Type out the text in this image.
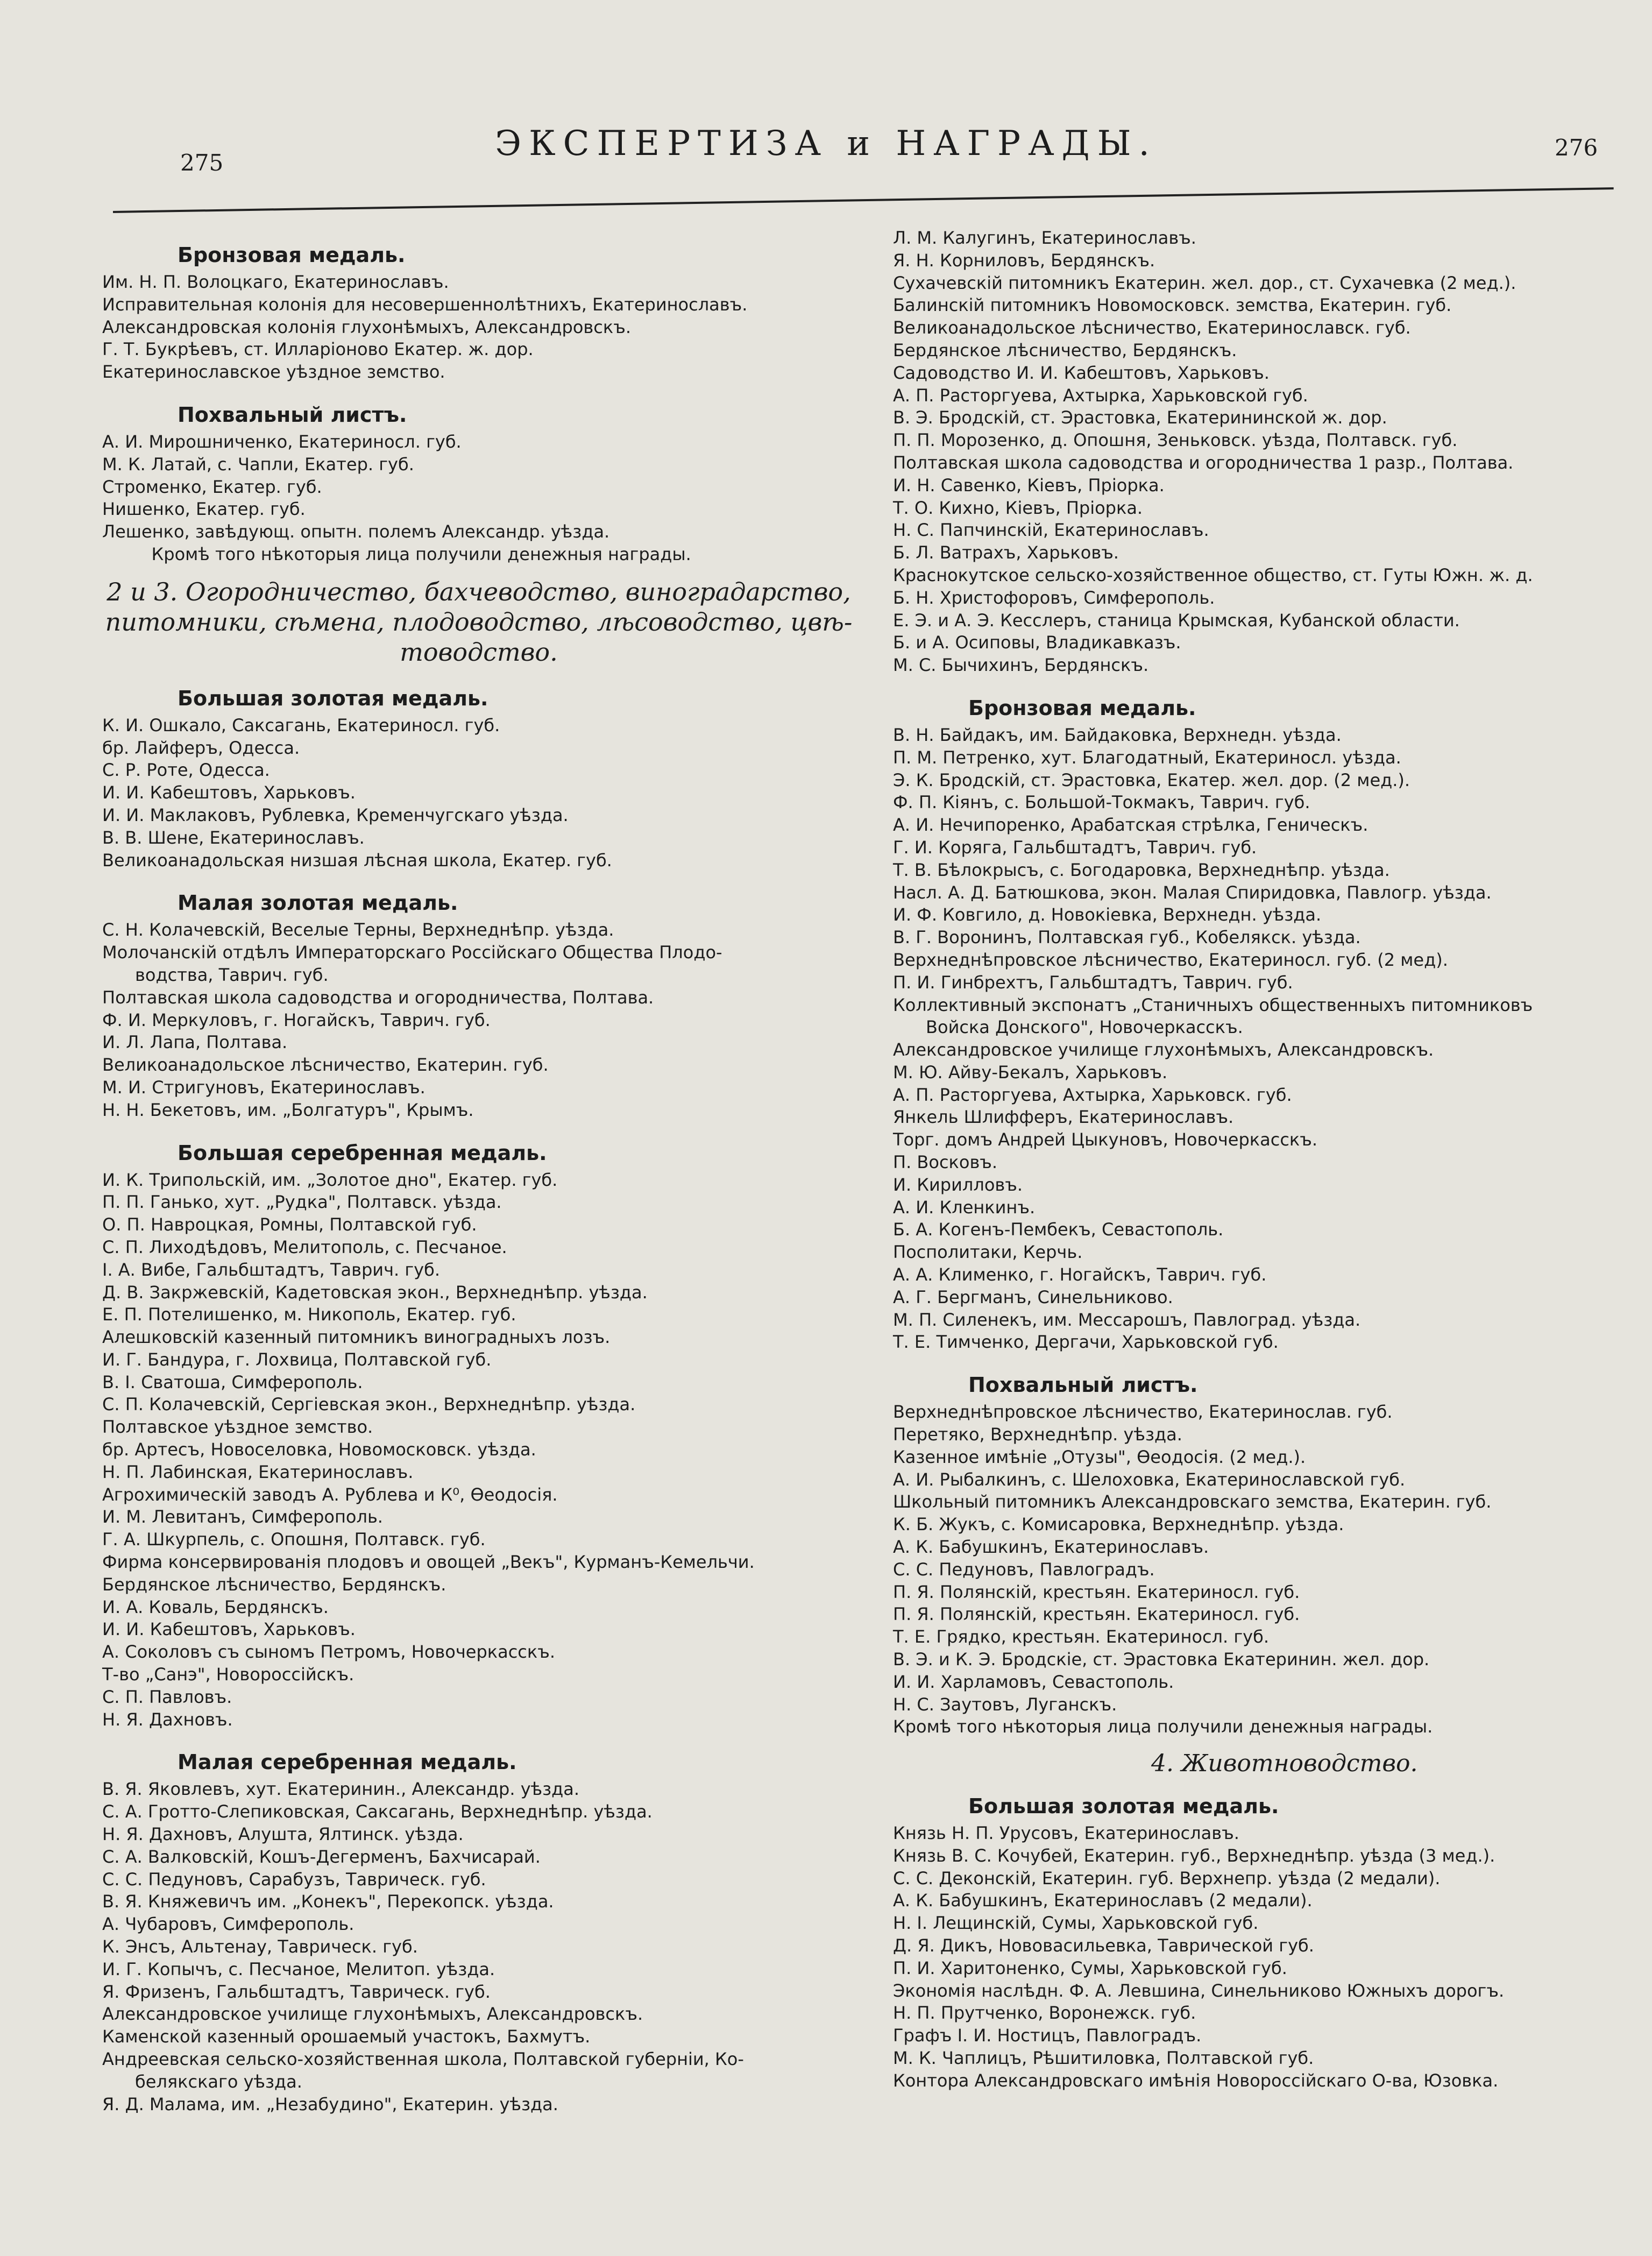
275	ЭКСПЕРТИЗА и НАГРАДЫ.	276
Бронзовая медаль.
Им. Н. П. Волоцкаго, Екатеринославъ.
Исправительная колонія для несовершеннолѣтнихъ, Екатеринославъ.
Александровская колонія глухонѣмыхъ, Александровскъ.
Г. Т. Букрѣевъ, ст. Илларіоново Екатер. ж. дор.
Екатеринославское уѣздное земство.
Похвальный листъ.
А. И. Мирошниченко, Екатериносл. губ.
М. К. Латай, с. Чапли, Екатер. губ.
Строменко, Екатер. губ.
Нишенко, Екатер. губ.
Лешенко, завѣдующ. опытн. полемъ Александр. уѣзда.
Кромѣ того нѣкоторыя лица получили денежныя награды.
2 и 3. Огородничество, бахчеводство, виноградарство,
питомники, сѣмена, плодоводство, лѣсоводство, цвѣ-
товодство.
Большая золотая медаль.
К. И. Ошкало, Саксагань, Екатериносл. губ.
бр. Лайферъ, Одесса.
С. Р. Роте, Одесса.
И. И. Кабештовъ, Харьковъ.
И. И. Маклаковъ, Рублевка, Кременчугскаго уѣзда.
В. В. Шене, Екатеринославъ.
Великоанадольская низшая лѣсная школа, Екатер. губ.
Малая золотая медаль.
С. Н. Колачевскій, Веселые Терны, Верхнеднѣпр. уѣзда.
Молочанскій отдѣлъ Императорскаго Россійскаго Общества Плодо-
водства, Таврич. губ.
Полтавская школа садоводства и огородничества, Полтава.
Ф. И. Меркуловъ, г. Ногайскъ, Таврич. губ.
И. Л. Лапа, Полтава.
Великоанадольское лѣсничество, Екатерин. губ.
М. И. Стригуновъ, Екатеринославъ.
Н. Н. Бекетовъ, им. „Болгатуръ", Крымъ.
Большая серебренная медаль.
И. К. Трипольскій, им. „Золотое дно", Екатер. губ.
П. П. Ганько, хут. „Рудка", Полтавск. уѣзда.
О. П. Навроцкая, Ромны, Полтавской губ.
С. П. Лиходѣдовъ, Мелитополь, с. Песчаное.
І. А. Вибе, Гальбштадтъ, Таврич. губ.
Д. В. Закржевскій, Кадетовская экон., Верхнеднѣпр. уѣзда.
Е. П. Потелишенко, м. Никополь, Екатер. губ.
Алешковскій казенный питомникъ виноградныхъ лозъ.
И. Г. Бандура, г. Лохвица, Полтавской губ.
В. І. Сватоша, Симферополь.
С. П. Колачевскій, Сергіевская экон., Верхнеднѣпр. уѣзда.
Полтавское уѣздное земство.
бр. Артесъ, Новоселовка, Новомосковск. уѣзда.
Н. П. Лабинская, Екатеринославъ.
Агрохимическій заводъ А. Рублева и К⁰, Ѳеодосія.
И. М. Левитанъ, Симферополь.
Г. А. Шкурпель, с. Опошня, Полтавск. губ.
Фирма консервированія плодовъ и овощей „Векъ", Курманъ-Кемельчи.
Бердянское лѣсничество, Бердянскъ.
И. А. Коваль, Бердянскъ.
И. И. Кабештовъ, Харьковъ.
А. Соколовъ съ сыномъ Петромъ, Новочеркасскъ.
Т-во „Санэ", Новороссійскъ.
С. П. Павловъ.
Н. Я. Дахновъ.
Малая серебренная медаль.
В. Я. Яковлевъ, хут. Екатеринин., Александр. уѣзда.
С. А. Гротто-Слепиковская, Саксагань, Верхнеднѣпр. уѣзда.
Н. Я. Дахновъ, Алушта, Ялтинск. уѣзда.
С. А. Валковскій, Кошъ-Дегерменъ, Бахчисарай.
С. С. Педуновъ, Сарабузъ, Таврическ. губ.
В. Я. Княжевичъ им. „Конекъ", Перекопск. уѣзда.
А. Чубаровъ, Симферополь.
К. Энсъ, Альтенау, Таврическ. губ.
И. Г. Копычъ, с. Песчаное, Мелитоп. уѣзда.
Я. Фризенъ, Гальбштадтъ, Таврическ. губ.
Александровское училище глухонѣмыхъ, Александровскъ.
Каменской казенный орошаемый участокъ, Бахмутъ.
Андреевская сельско-хозяйственная школа, Полтавской губерніи, Ко-
белякскаго уѣзда.
Я. Д. Малама, им. „Незабудино", Екатерин. уѣзда.
Л. М. Калугинъ, Екатеринославъ.
Я. Н. Корниловъ, Бердянскъ.
Сухачевскій питомникъ Екатерин. жел. дор., ст. Сухачевка (2 мед.).
Балинскій питомникъ Новомосковск. земства, Екатерин. губ.
Великоанадольское лѣсничество, Екатеринославск. губ.
Бердянское лѣсничество, Бердянскъ.
Садоводство И. И. Кабештовъ, Харьковъ.
А. П. Расторгуева, Ахтырка, Харьковской губ.
В. Э. Бродскій, ст. Эрастовка, Екатерининской ж. дор.
П. П. Морозенко, д. Опошня, Зеньковск. уѣзда, Полтавск. губ.
Полтавская школа садоводства и огородничества 1 разр., Полтава.
И. Н. Савенко, Кіевъ, Пріорка.
Т. О. Кихно, Кіевъ, Пріорка.
Н. С. Папчинскій, Екатеринославъ.
Б. Л. Ватрахъ, Харьковъ.
Краснокутское сельско-хозяйственное общество, ст. Гуты Южн. ж. д.
Б. Н. Христофоровъ, Симферополь.
Е. Э. и А. Э. Кесслеръ, станица Крымская, Кубанской области.
Б. и А. Осиповы, Владикавказъ.
М. С. Бычихинъ, Бердянскъ.
Бронзовая медаль.
В. Н. Байдакъ, им. Байдаковка, Верхнедн. уѣзда.
П. М. Петренко, хут. Благодатный, Екатериносл. уѣзда.
Э. К. Бродскій, ст. Эрастовка, Екатер. жел. дор. (2 мед.).
Ф. П. Кіянъ, с. Большой-Токмакъ, Таврич. губ.
А. И. Нечипоренко, Арабатская стрѣлка, Геническъ.
Г. И. Коряга, Гальбштадтъ, Таврич. губ.
Т. В. Бѣлокрысъ, с. Богодаровка, Верхнеднѣпр. уѣзда.
Насл. А. Д. Батюшкова, экон. Малая Спиридовка, Павлогр. уѣзда.
И. Ф. Ковгило, д. Новокіевка, Верхнедн. уѣзда.
В. Г. Воронинъ, Полтавская губ., Кобелякск. уѣзда.
Верхнеднѣпровское лѣсничество, Екатериносл. губ. (2 мед).
П. И. Гинбрехтъ, Гальбштадтъ, Таврич. губ.
Коллективный экспонатъ „Станичныхъ общественныхъ питомниковъ
Войска Донского", Новочеркасскъ.
Александровское училище глухонѣмыхъ, Александровскъ.
М. Ю. Айву-Бекалъ, Харьковъ.
А. П. Расторгуева, Ахтырка, Харьковск. губ.
Янкель Шлифферъ, Екатеринославъ.
Торг. домъ Андрей Цыкуновъ, Новочеркасскъ.
П. Восковъ.
И. Кирилловъ.
А. И. Кленкинъ.
Б. А. Когенъ-Пембекъ, Севастополь.
Посполитаки, Керчь.
А. А. Клименко, г. Ногайскъ, Таврич. губ.
А. Г. Бергманъ, Синельниково.
М. П. Силенекъ, им. Мессарошъ, Павлоград. уѣзда.
Т. Е. Тимченко, Дергачи, Харьковской губ.
Похвальный листъ.
Верхнеднѣпровское лѣсничество, Екатеринослав. губ.
Перетяко, Верхнеднѣпр. уѣзда.
Казенное имѣніе „Отузы", Ѳеодосія. (2 мед.).
А. И. Рыбалкинъ, с. Шелоховка, Екатеринославской губ.
Школьный питомникъ Александровскаго земства, Екатерин. губ.
К. Б. Жукъ, с. Комисаровка, Верхнеднѣпр. уѣзда.
А. К. Бабушкинъ, Екатеринославъ.
С. С. Педуновъ, Павлоградъ.
П. Я. Полянскій, крестьян. Екатериносл. губ.
П. Я. Полянскій, крестьян. Екатериносл. губ.
Т. Е. Грядко, крестьян. Екатериносл. губ.
В. Э. и К. Э. Бродскіе, ст. Эрастовка Екатеринин. жел. дор.
И. И. Харламовъ, Севастополь.
Н. С. Заутовъ, Луганскъ.
Кромѣ того нѣкоторыя лица получили денежныя награды.
4. Животноводство.
Большая золотая медаль.
Князь Н. П. Урусовъ, Екатеринославъ.
Князь В. С. Кочубей, Екатерин. губ., Верхнеднѣпр. уѣзда (3 мед.).
С. С. Деконскій, Екатерин. губ. Верхнепр. уѣзда (2 медали).
А. К. Бабушкинъ, Екатеринославъ (2 медали).
Н. І. Лещинскій, Сумы, Харьковской губ.
Д. Я. Дикъ, Нововасильевка, Таврической губ.
П. И. Харитоненко, Сумы, Харьковской губ.
Экономія наслѣдн. Ф. А. Левшина, Синельниково Южныхъ дорогъ.
Н. П. Прутченко, Воронежск. губ.
Графъ І. И. Ностицъ, Павлоградъ.
М. К. Чаплицъ, Рѣшитиловка, Полтавской губ.
Контора Александровскаго имѣнія Новороссійскаго О-ва, Юзовка.
